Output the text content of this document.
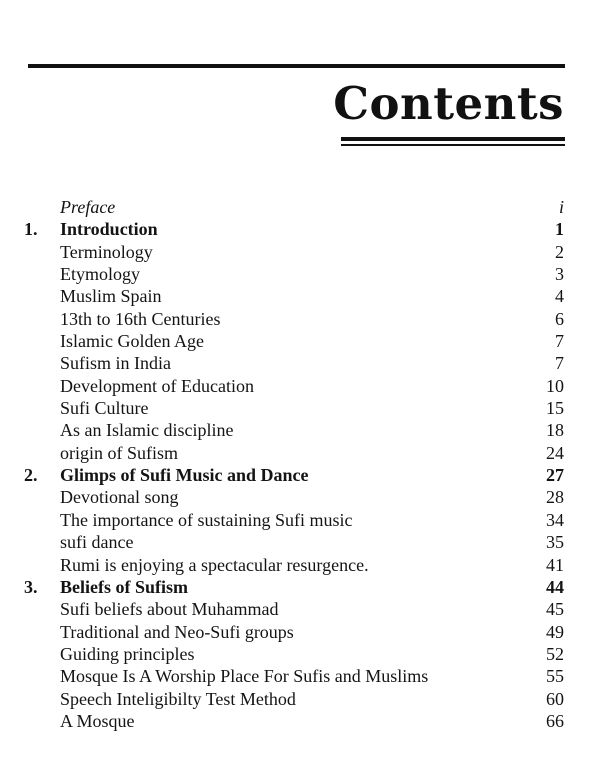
Contents
Preface	i
1. Introduction	1
Terminology	2
Etymology	3
Muslim Spain	4
13th to 16th Centuries	6
Islamic Golden Age	7
Sufism in India	7
Development of Education	10
Sufi Culture	15
As an Islamic discipline	18
origin of Sufism	24
2. Glimps of Sufi Music and Dance	27
Devotional song	28
The importance of sustaining Sufi music	34
sufi dance	35
Rumi is enjoying a spectacular resurgence.	41
3. Beliefs of Sufism	44
Sufi beliefs about Muhammad	45
Traditional and Neo-Sufi groups	49
Guiding principles	52
Mosque Is A Worship Place For Sufis and Muslims	55
Speech Inteligibilty Test Method	60
A Mosque	66
